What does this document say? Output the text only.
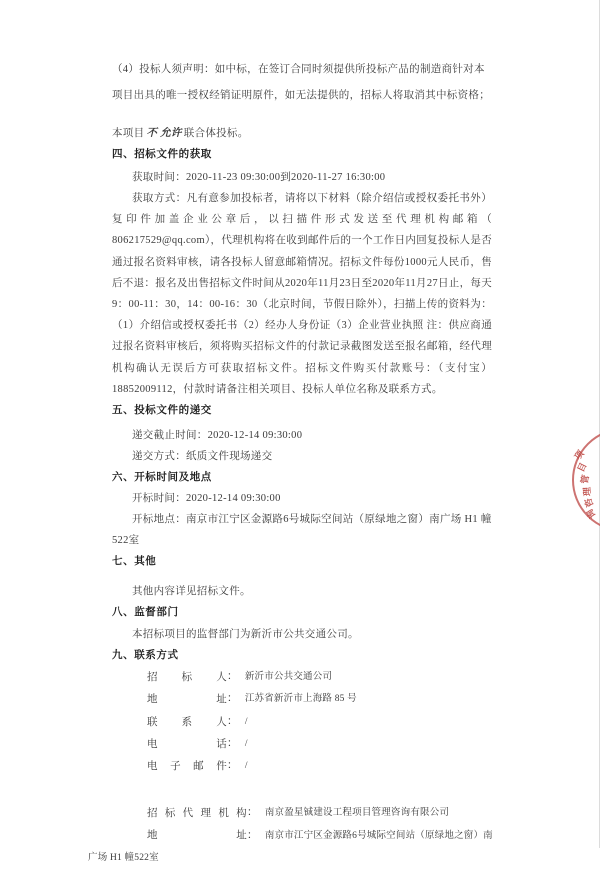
（4）投标人须声明：如中标，在签订合同时须提供所投标产品的制造商针对本项目出具的唯一授权经销证明原件，如无法提供的，招标人将取消其中标资格；

本项目 不 允许 联合体投标。

四、招标文件的获取

获取时间：2020-11-23 09:30:00到2020-11-27 16:30:00

获取方式：凡有意参加投标者，请将以下材料（除介绍信或授权委托书外）复印件加盖企业公章后，以扫描件形式发送至代理机构邮箱（ 806217529@qq.com），代理机构将在收到邮件后的一个工作日内回复投标人是否通过报名资料审核，请各投标人留意邮箱情况。招标文件每份1000元人民币，售后不退：报名及出售招标文件时间从2020年11月23日至2020年11月27日止，每天9：00-11：30，14：00-16：30（北京时间，节假日除外），扫描上传的资料为：（1）介绍信或授权委托书（2）经办人身份证（3）企业营业执照 注：供应商通过报名资料审核后，须将购买招标文件的付款记录截图发送至报名邮箱，经代理机构确认无误后方可获取招标文件。招标文件购买付款账号：（支付宝）18852009112，付款时请备注相关项目、投标人单位名称及联系方式。

五、投标文件的递交

递交截止时间：2020-12-14 09:30:00

递交方式：纸质文件现场递交

六、开标时间及地点

开标时间：2020-12-14 09:30:00

开标地点：南京市江宁区金源路6号城际空间站（原绿地之窗）南广场 H1 幢522室

七、其他

其他内容详见招标文件。

八、监督部门

本招标项目的监督部门为新沂市公共交通公司。

九、联系方式

招标人： 新沂市公共交通公司

地址： 江苏省新沂市上海路 85 号

联系人： /

电话： /

电子邮件： /

招标代理机构： 南京盈星铖建设工程项目管理咨询有限公司

地址： 南京市江宁区金源路6号城际空间站（原绿地之窗）南广场 H1 幢522室

项
目
管
理
咨
询
